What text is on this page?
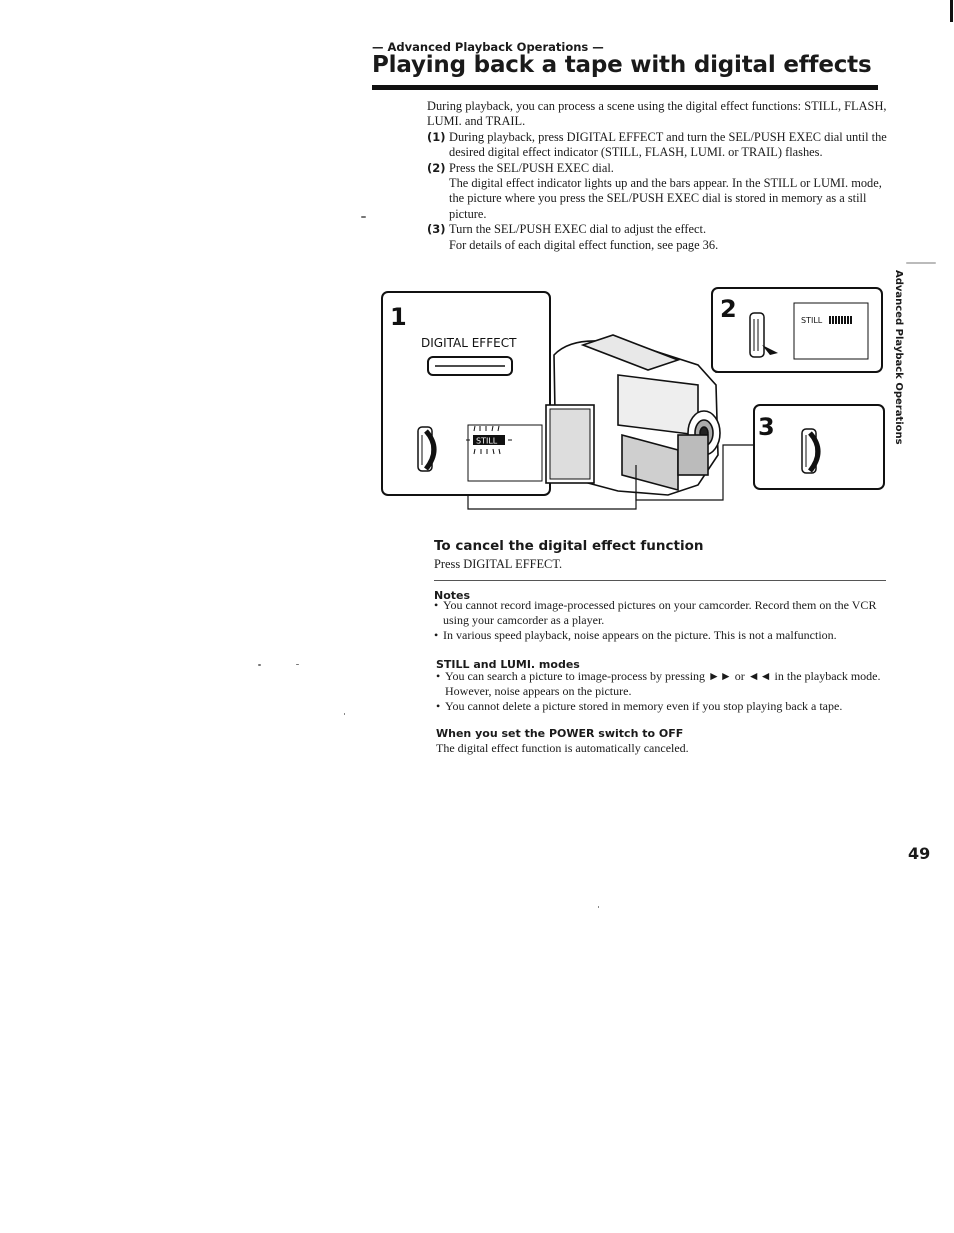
— Advanced Playback Operations —
Playing back a tape with digital effects

During playback, you can process a scene using the digital effect functions: STILL, FLASH, LUMI. and TRAIL.

(1) During playback, press DIGITAL EFFECT and turn the SEL/PUSH EXEC dial until the desired digital effect indicator (STILL, FLASH, LUMI. or TRAIL) flashes.
(2) Press the SEL/PUSH EXEC dial.
The digital effect indicator lights up and the bars appear. In the STILL or LUMI. mode, the picture where you press the SEL/PUSH EXEC dial is stored in memory as a still picture.
(3) Turn the SEL/PUSH EXEC dial to adjust the effect.
For details of each digital effect function, see page 36.
Advanced Playback Operations
1
DIGITAL EFFECT
STILL
2	STILL
3
To cancel the digital effect function
Press DIGITAL EFFECT.
Notes
• You cannot record image-processed pictures on your camcorder. Record them on the VCR using your camcorder as a player.
• In various speed playback, noise appears on the picture. This is not a malfunction.
STILL and LUMI. modes
• You can search a picture to image-process by pressing ►► or ◄◄ in the playback mode. However, noise appears on the picture.
• You cannot delete a picture stored in memory even if you stop playing back a tape.
When you set the POWER switch to OFF
The digital effect function is automatically canceled.
49
